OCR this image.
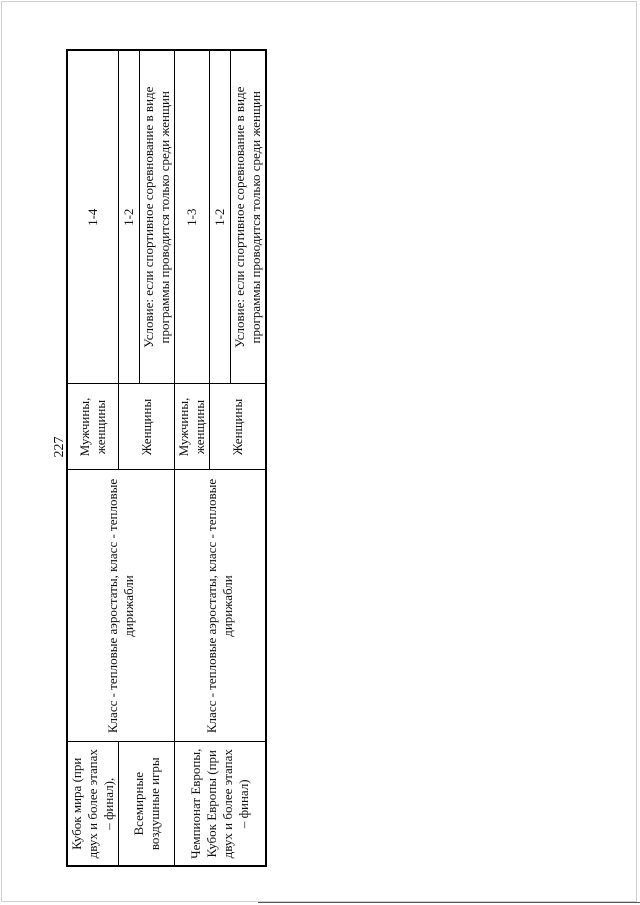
227
Кубок мира (при двух и более этапах – финал),	Класс - тепловые аэростаты, класс - тепловые дирижабли	Мужчины, женщины	1-4
Всемирные воздушные игры		Женщины	1-2 Условие: если спортивное соревнование в виде программы проводится только среди женщин

Чемпионат Европы, Кубок Европы (при двух и более этапах – финал)	Класс - тепловые аэростаты, класс - тепловые дирижабли	Мужчины, женщины	1-3
		Женщины	1-2 Условие: если спортивное соревнование в виде программы проводится только среди женщин
